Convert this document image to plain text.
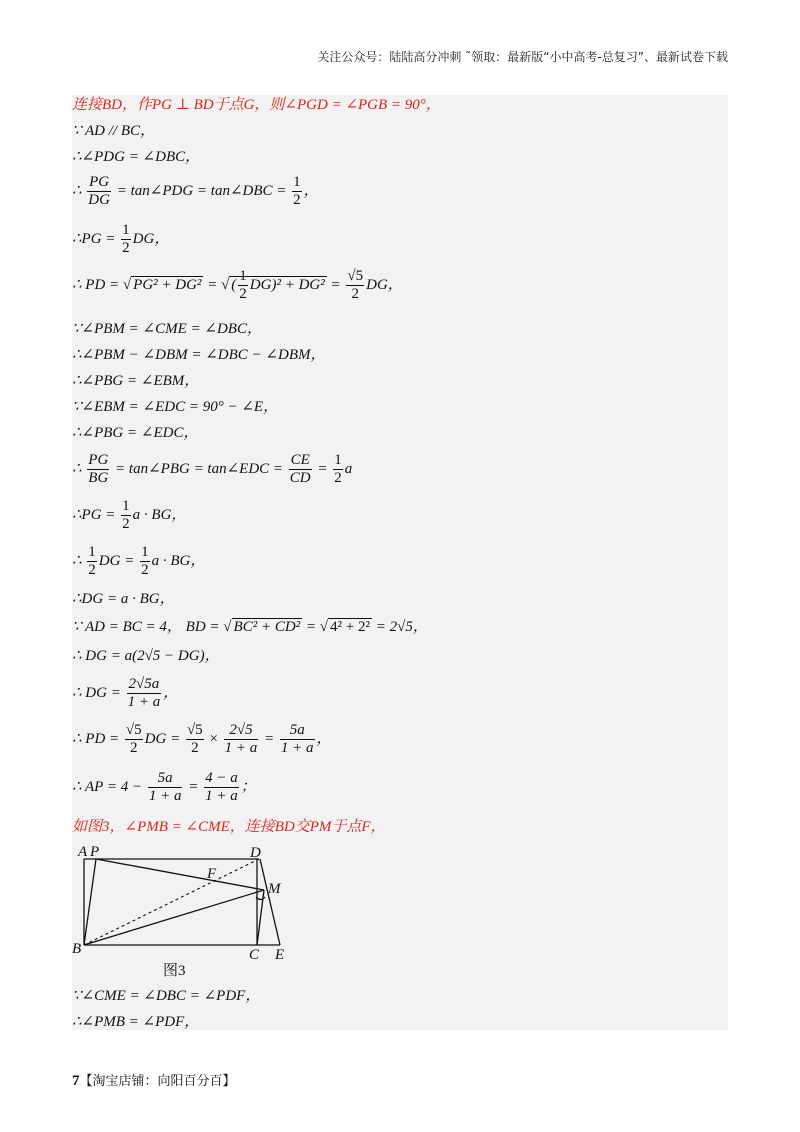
关注公众号：陆陆高分冲刺 ˜领取：最新版“小中高考-总复习”、最新试卷下载
连接BD，作PG ⊥ BD于点G，则∠PGD = ∠PGB = 90°，
∵ AD // BC，
∴∠PDG = ∠DBC，
∴ $\frac{PG}{DG}$ = tan∠PDG = tan∠DBC = $\frac{1}{2}$ ，
∴PG = $\frac{1}{2}$ DG，
∴ PD = √ PG² + DG² = √ ( $\frac{1}{2} DG)^2 + DG^2 = \frac{√5}{2}$ DG，
∵∠PBM = ∠CME = ∠DBC，
∴∠PBM − ∠DBM = ∠DBC − ∠DBM，
∴∠PBG = ∠EBM，
∵∠EBM = ∠EDC = 90° − ∠E，
∴∠PBG = ∠EDC，
∴ $\frac{PG}{BG}$ = tan∠PBG = tan∠EDC = $\frac{CE}{CD} = \frac{1}{2}$ a
∴PG = $\frac{1}{2}$ a · BG，
∴ $\frac{1}{2}$ DG = $\frac{1}{2}$ a · BG，
∴DG = a · BG，
∵ AD = BC = 4， BD = √ BC² + CD² = √ 4² + 2² = 2√5，
∴ DG = a(2√5 − DG)，
∴ DG = $\frac{2√5a}{1 + a}$ ，
∴ PD = $\frac{√5}{2}$ DG = $\frac{√5}{2} \times \frac{2√5}{1 + a} = \frac{5a}{1 + a}$ ，
∴ AP = $4 - \frac{5a}{1 + a} = \frac{4 - a}{1 + a}$ ；
如图3，∠PMB = ∠CME，连接BD交PM于点F，
A P	D
F
M
B	C E
图3
∵∠CME = ∠DBC = ∠PDF，
∴∠PMB = ∠PDF，
7【淘宝店铺：向阳百分百】
